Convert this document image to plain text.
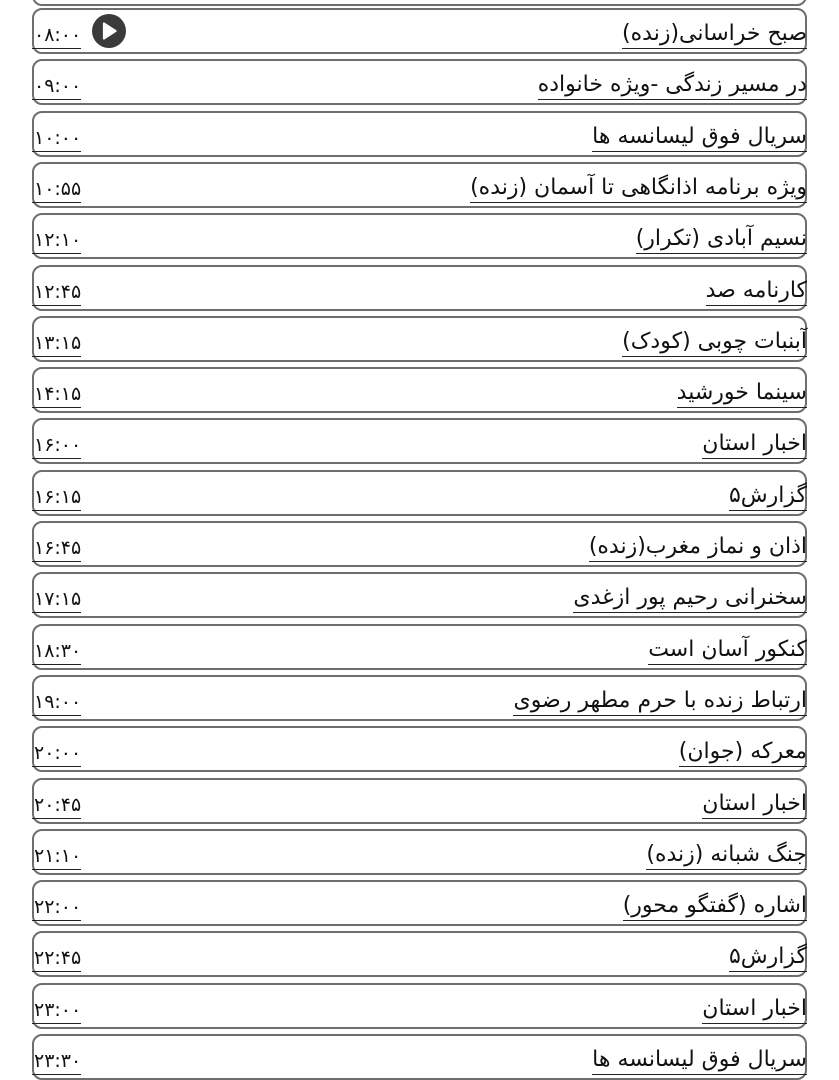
صبح خراسانی(زنده)
۰۸:۰۰
در مسیر زندگی -ویژه خانواده
۰۹:۰۰
سریال فوق لیسانسه ها
۱۰:۰۰
ویژه برنامه اذانگاهی تا آسمان (زنده)
۱۰:۵۵
نسیم آبادی (تکرار)
۱۲:۱۰
کارنامه صد
۱۲:۴۵
آبنبات چوبی (کودک)
۱۳:۱۵
سینما خورشید
۱۴:۱۵
اخبار استان
۱۶:۰۰
گزارش۵
۱۶:۱۵
اذان و نماز مغرب(زنده)
۱۶:۴۵
سخنرانی رحیم پور ازغدی
۱۷:۱۵
کنکور آسان است
۱۸:۳۰
ارتباط زنده با حرم مطهر رضوی
۱۹:۰۰
معرکه (جوان)
۲۰:۰۰
اخبار استان
۲۰:۴۵
جنگ شبانه (زنده)
۲۱:۱۰
اشاره (گفتگو محور)
۲۲:۰۰
گزارش۵
۲۲:۴۵
اخبار استان
۲۳:۰۰
سریال فوق لیسانسه ها
۲۳:۳۰
